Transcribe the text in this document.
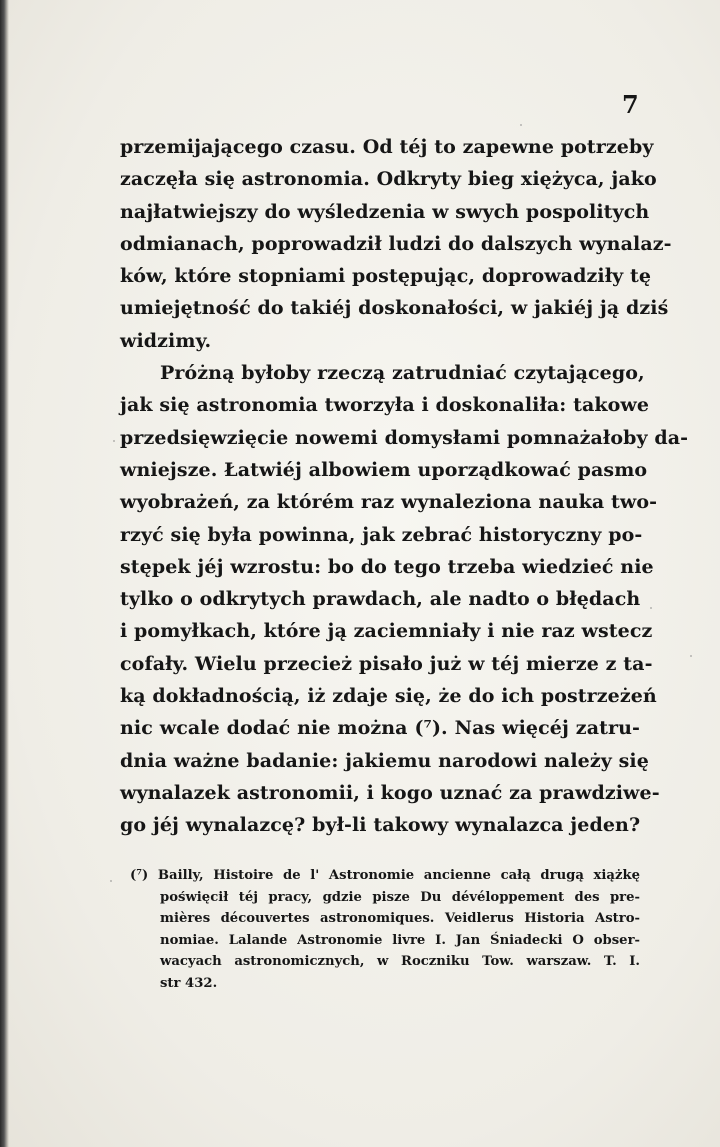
7
przemijającego czasu. Od téj to zapewne potrzeby
zaczęła się astronomia. Odkryty bieg xiężyca, jako
najłatwiejszy do wyśledzenia w swych pospolitych
odmianach, poprowadził ludzi do dalszych wynalaz-
ków, które stopniami postępując, doprowadziły tę
umiejętność do takiéj doskonałości, w jakiéj ją dziś
widzimy.
Próżną byłoby rzeczą zatrudniać czytającego,
jak się astronomia tworzyła i doskonaliła: takowe
przedsięwzięcie nowemi domysłami pomnażałoby da-
wniejsze. Łatwiéj albowiem uporządkować pasmo
wyobrażeń, za którém raz wynaleziona nauka two-
rzyć się była powinna, jak zebrać historyczny po-
stępek jéj wzrostu: bo do tego trzeba wiedzieć nie
tylko o odkrytych prawdach, ale nadto o błędach
i pomyłkach, które ją zaciemniały i nie raz wstecz
cofały. Wielu przecież pisało już w téj mierze z ta-
ką dokładnością, iż zdaje się, że do ich postrzeżeń
nic wcale dodać nie można (⁷). Nas więcéj zatru-
dnia ważne badanie: jakiemu narodowi należy się
wynalazek astronomii, i kogo uznać za prawdziwe-
go jéj wynalazcę? był-li takowy wynalazca jeden?
(⁷) Bailly, Histoire de l' Astronomie ancienne całą drugą xiążkę
poświęcił téj pracy, gdzie pisze Du dévéloppement des pre-
mières découvertes astronomiques. Veidlerus Historia Astro-
nomiae. Lalande Astronomie livre I. Jan Śniadecki O obser-
wacyach astronomicznych, w Roczniku Tow. warszaw. T. I.
str 432.
